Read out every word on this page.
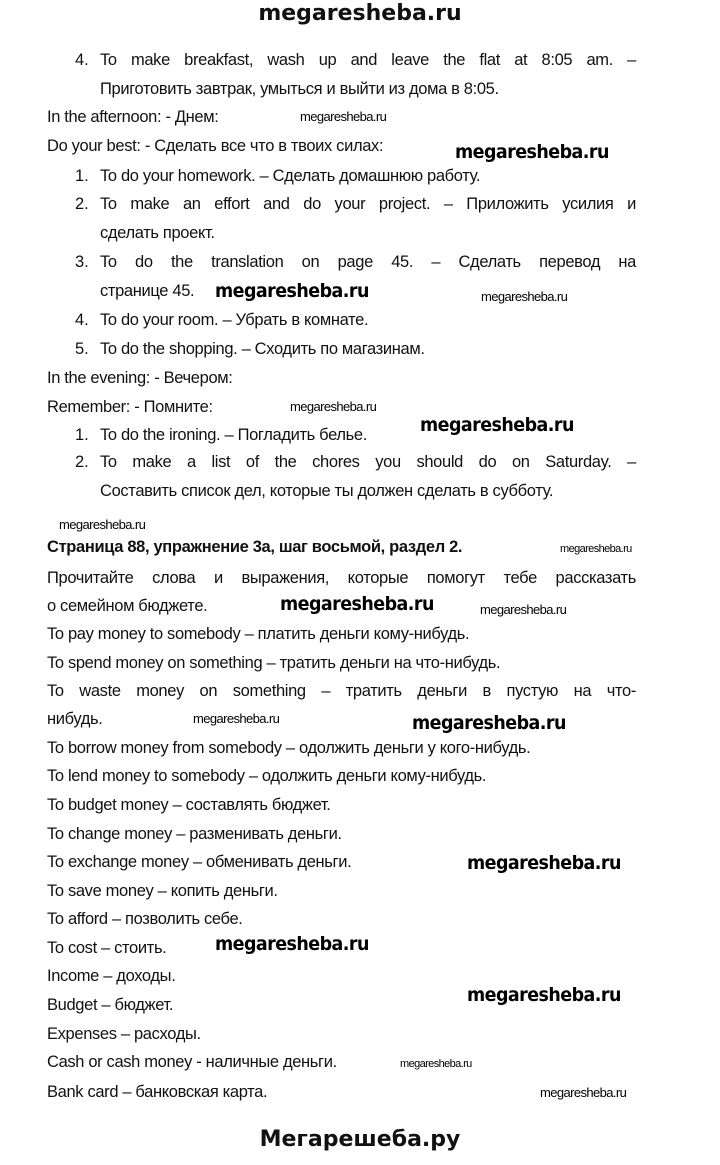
megaresheba.ru
4. To make breakfast, wash up and leave the flat at 8:05 am. –
Приготовить завтрак, умыться и выйти из дома в 8:05.
In the afternoon: - Днем:
Do your best: - Сделать все что в твоих силах:
1. To do your homework. – Сделать домашнюю работу.
2. To make an effort and do your project. – Приложить усилия и
сделать проект.
3. To do the translation on page 45. – Сделать перевод на
странице 45.
4. To do your room. – Убрать в комнате.
5. To do the shopping. – Сходить по магазинам.
In the evening: - Вечером:
Remember: - Помните:
1. To do the ironing. – Погладить белье.
2. To make a list of the chores you should do on Saturday. –
Составить список дел, которые ты должен сделать в субботу.
Страница 88, упражнение 3а, шаг восьмой, раздел 2.
Прочитайте слова и выражения, которые помогут тебе рассказать
о семейном бюджете.
To pay money to somebody – платить деньги кому-нибудь.
To spend money on something – тратить деньги на что-нибудь.
To waste money on something – тратить деньги в пустую на что-
нибудь.
To borrow money from somebody – одолжить деньги у кого-нибудь.
To lend money to somebody – одолжить деньги кому-нибудь.
To budget money – составлять бюджет.
To change money – разменивать деньги.
To exchange money – обменивать деньги.
To save money – копить деньги.
To afford – позволить себе.
To cost – стоить.
Income – доходы.
Budget – бюджет.
Expenses – расходы.
Cash or cash money - наличные деньги.
Bank card – банковская карта.
megaresheba.ru
megaresheba.ru
megaresheba.ru
megaresheba.ru
megaresheba.ru
megaresheba.ru
megaresheba.ru
megaresheba.ru
megaresheba.ru
megaresheba.ru
megaresheba.ru
megaresheba.ru
megaresheba.ru
megaresheba.ru
megaresheba.ru
megaresheba.ru
megaresheba.ru
Мегарешеба.ру
